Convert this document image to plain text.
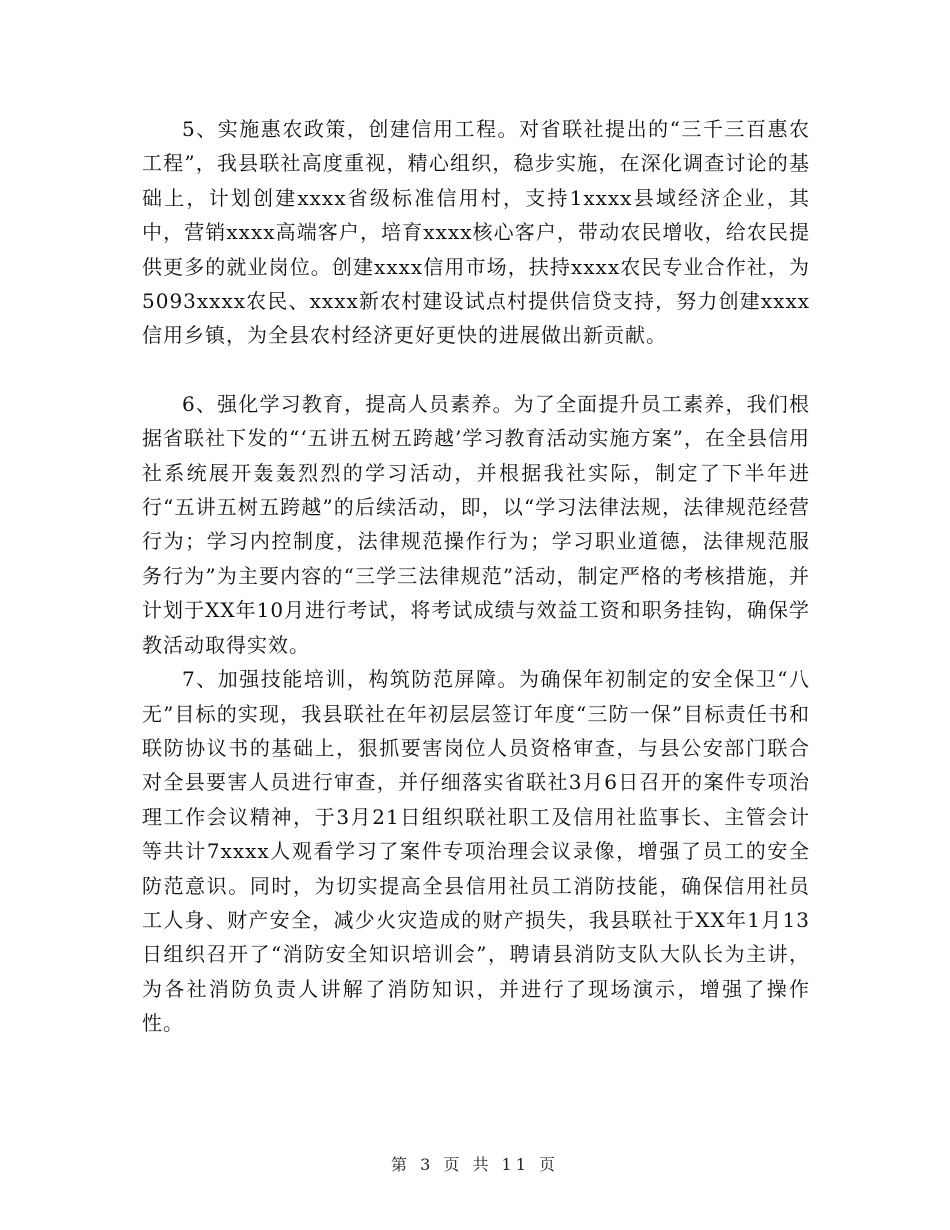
5、实施惠农政策，创建信用工程。对省联社提出的“三千三百惠农工程”，我县联社高度重视，精心组织，稳步实施，在深化调查讨论的基础上，计划创建xxxx省级标准信用村，支持1xxxx县域经济企业，其中，营销xxxx高端客户，培育xxxx核心客户，带动农民增收，给农民提供更多的就业岗位。创建xxxx信用市场，扶持xxxx农民专业合作社，为5093xxxx农民、xxxx新农村建设试点村提供信贷支持，努力创建xxxx信用乡镇，为全县农村经济更好更快的进展做出新贡献。

6、强化学习教育，提高人员素养。为了全面提升员工素养，我们根据省联社下发的“‘五讲五树五跨越’学习教育活动实施方案”，在全县信用社系统展开轰轰烈烈的学习活动，并根据我社实际，制定了下半年进行“五讲五树五跨越”的后续活动，即，以“学习法律法规，法律规范经营行为；学习内控制度，法律规范操作行为；学习职业道德，法律规范服务行为”为主要内容的“三学三法律规范”活动，制定严格的考核措施，并计划于XX年10月进行考试，将考试成绩与效益工资和职务挂钩，确保学教活动取得实效。

7、加强技能培训，构筑防范屏障。为确保年初制定的安全保卫“八无”目标的实现，我县联社在年初层层签订年度“三防一保”目标责任书和联防协议书的基础上，狠抓要害岗位人员资格审查，与县公安部门联合对全县要害人员进行审查，并仔细落实省联社3月6日召开的案件专项治理工作会议精神，于3月21日组织联社职工及信用社监事长、主管会计等共计7xxxx人观看学习了案件专项治理会议录像，增强了员工的安全防范意识。同时，为切实提高全县信用社员工消防技能，确保信用社员工人身、财产安全，减少火灾造成的财产损失，我县联社于XX年1月13日组织召开了“消防安全知识培训会”，聘请县消防支队大队长为主讲，为各社消防负责人讲解了消防知识，并进行了现场演示，增强了操作性。

第 3 页 共 11 页
